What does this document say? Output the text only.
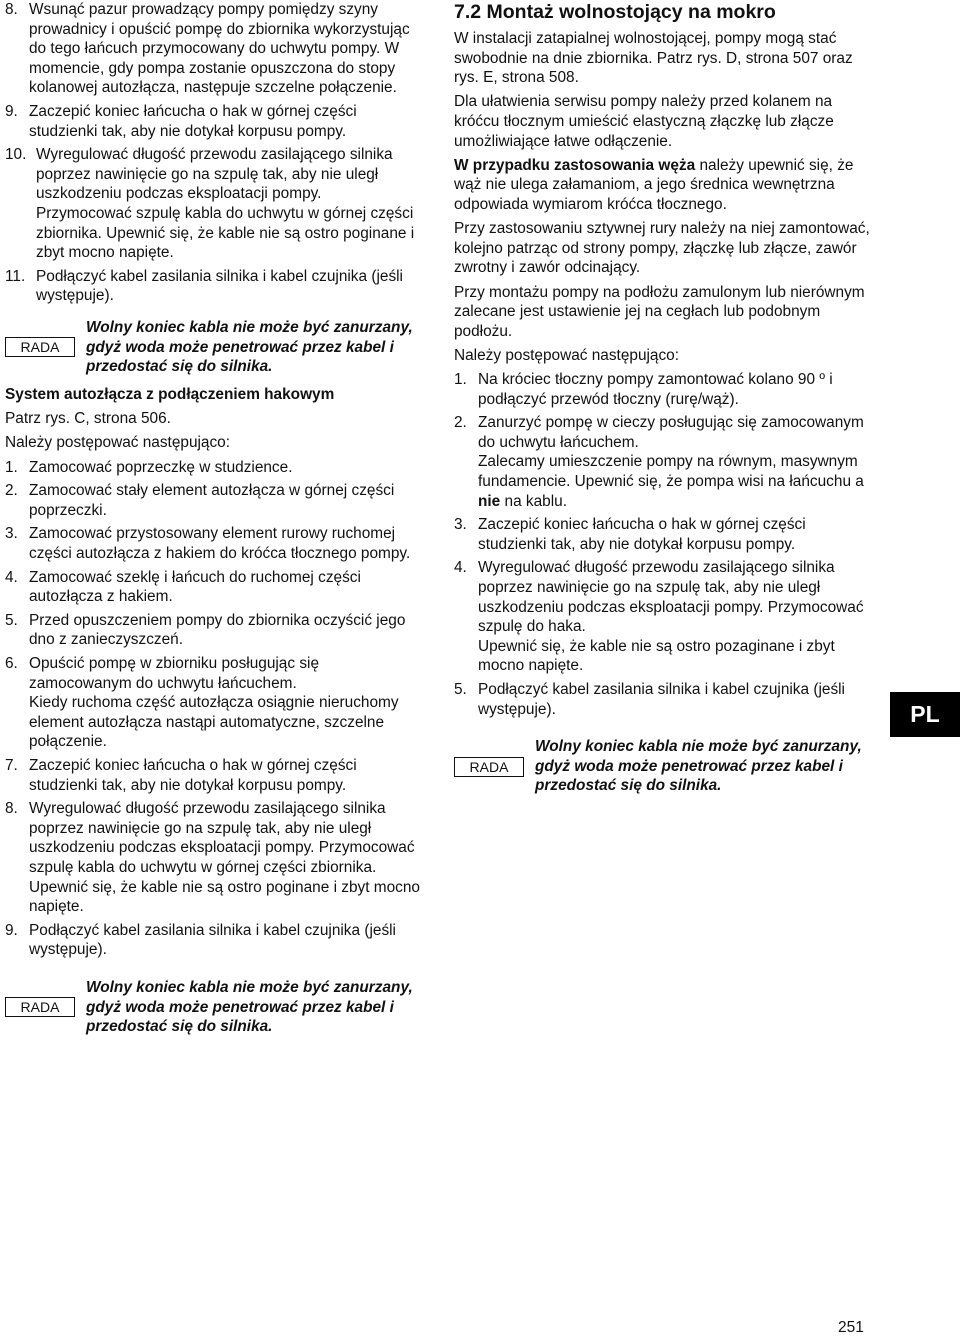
8. Wsunąć pazur prowadzący pompy pomiędzy szyny prowadnicy i opuścić pompę do zbiornika wykorzystując do tego łańcuch przymocowany do uchwytu pompy. W momencie, gdy pompa zostanie opuszczona do stopy kolanowej autozłącza, następuje szczelne połączenie.
9. Zaczepić koniec łańcucha o hak w górnej części studzienki tak, aby nie dotykał korpusu pompy.
10. Wyregulować długość przewodu zasilającego silnika poprzez nawinięcie go na szpulę tak, aby nie uległ uszkodzeniu podczas eksploatacji pompy. Przymocować szpulę kabla do uchwytu w górnej części zbiornika. Upewnić się, że kable nie są ostro poginane i zbyt mocno napięte.
11. Podłączyć kabel zasilania silnika i kabel czujnika (jeśli występuje).
RADA
Wolny koniec kabla nie może być zanurzany, gdyż woda może penetrować przez kabel i przedostać się do silnika.
System autozłącza z podłączeniem hakowym
Patrz rys. C, strona 506.
Należy postępować następująco:
1. Zamocować poprzeczkę w studzience.
2. Zamocować stały element autozłącza w górnej części poprzeczki.
3. Zamocować przystosowany element rurowy ruchomej części autozłącza z hakiem do króćca tłocznego pompy.
4. Zamocować szeklę i łańcuch do ruchomej części autozłącza z hakiem.
5. Przed opuszczeniem pompy do zbiornika oczyścić jego dno z zanieczyszczeń.
6. Opuścić pompę w zbiorniku posługując się zamocowanym do uchwytu łańcuchem.
Kiedy ruchoma część autozłącza osiągnie nieruchomy element autozłącza nastąpi automatyczne, szczelne połączenie.
7. Zaczepić koniec łańcucha o hak w górnej części studzienki tak, aby nie dotykał korpusu pompy.
8. Wyregulować długość przewodu zasilającego silnika poprzez nawinięcie go na szpulę tak, aby nie uległ uszkodzeniu podczas eksploatacji pompy. Przymocować szpulę kabla do uchwytu w górnej części zbiornika. Upewnić się, że kable nie są ostro poginane i zbyt mocno napięte.
9. Podłączyć kabel zasilania silnika i kabel czujnika (jeśli występuje).
RADA
Wolny koniec kabla nie może być zanurzany, gdyż woda może penetrować przez kabel i przedostać się do silnika.
7.2 Montaż wolnostojący na mokro
W instalacji zatapialnej wolnostojącej, pompy mogą stać swobodnie na dnie zbiornika. Patrz rys. D, strona 507 oraz rys. E, strona 508.
Dla ułatwienia serwisu pompy należy przed kolanem na króćcu tłocznym umieścić elastyczną złączkę lub złącze umożliwiające łatwe odłączenie.
W przypadku zastosowania węża należy upewnić się, że wąż nie ulega załamaniom, a jego średnica wewnętrzna odpowiada wymiarom króćca tłocznego.
Przy zastosowaniu sztywnej rury należy na niej zamontować, kolejno patrząc od strony pompy, złączkę lub złącze, zawór zwrotny i zawór odcinający.
Przy montażu pompy na podłożu zamulonym lub nierównym zalecane jest ustawienie jej na cegłach lub podobnym podłożu.
Należy postępować następująco:
1. Na króciec tłoczny pompy zamontować kolano 90 º i podłączyć przewód tłoczny (rurę/wąż).
2. Zanurzyć pompę w cieczy posługując się zamocowanym do uchwytu łańcuchem.
Zalecamy umieszczenie pompy na równym, masywnym fundamencie. Upewnić się, że pompa wisi na łańcuchu a nie na kablu.
3. Zaczepić koniec łańcucha o hak w górnej części studzienki tak, aby nie dotykał korpusu pompy.
4. Wyregulować długość przewodu zasilającego silnika poprzez nawinięcie go na szpulę tak, aby nie uległ uszkodzeniu podczas eksploatacji pompy. Przymocować szpulę do haka.
Upewnić się, że kable nie są ostro pozaginane i zbyt mocno napięte.
5. Podłączyć kabel zasilania silnika i kabel czujnika (jeśli występuje).
RADA
Wolny koniec kabla nie może być zanurzany, gdyż woda może penetrować przez kabel i przedostać się do silnika.
PL
251
